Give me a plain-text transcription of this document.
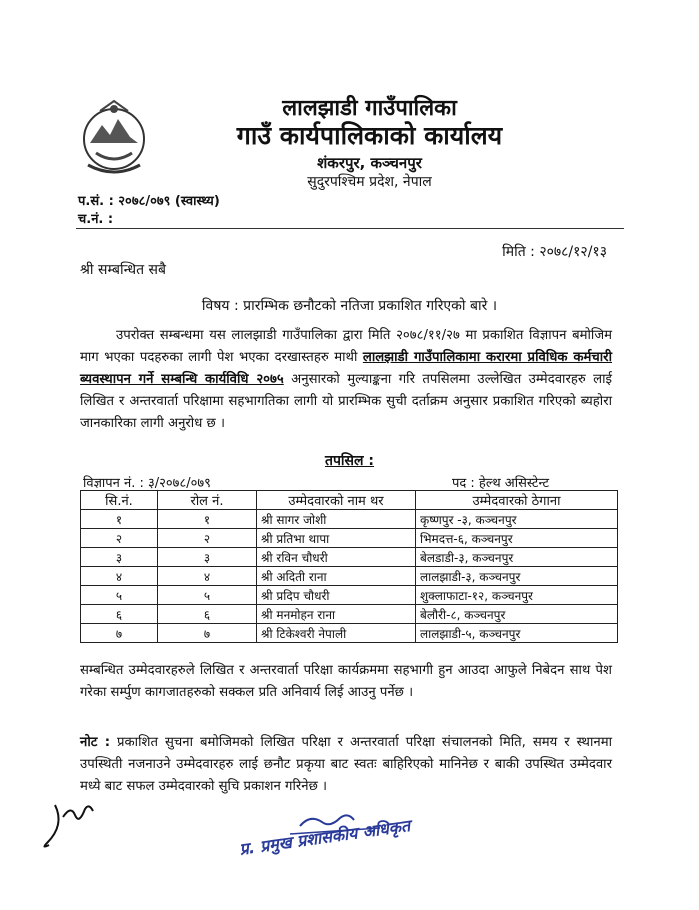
लालझाडी गाउँपालिका
गाउँ कार्यपालिकाको कार्यालय
शंकरपुर, कञ्चनपुर
सुदुरपश्चिम प्रदेश, नेपाल
प.सं. : २०७८/०७९ (स्वास्थ्य)
च.नं. :
मिति : २०७८/१२/१३
श्री सम्बन्धित सबै
विषय : प्रारम्भिक छनौटको नतिजा प्रकाशित गरिएको बारे ।
उपरोक्त सम्बन्धमा यस लालझाडी गाउँपालिका द्वारा मिति २०७८/११/२७ मा प्रकाशित विज्ञापन बमोजिम माग भएका पदहरुका लागी पेश भएका दरखास्तहरु माथी लालझाडी गाउँपालिकामा करारमा प्रविधिक कर्मचारी ब्यवस्थापन गर्ने सम्बन्धि कार्यविधि २०७५ अनुसारको मुल्याङ्कना गरि तपसिलमा उल्लेखित उम्मेदवारहरु लाई लिखित र अन्तरवार्ता परिक्षामा सहभागतिका लागी यो प्रारम्भिक सुची दर्ताक्रम अनुसार प्रकाशित गरिएको ब्यहोरा जानकारिका लागी अनुरोध छ ।
तपसिल :
विज्ञापन नं. : ३/२०७८/०७९	पद : हेल्थ असिस्टेन्ट
सि.नं.	रोल नं.	उम्मेदवारको नाम थर	उम्मेदवारको ठेगाना
१	१	श्री सागर जोशी	कृष्णपुर -३, कञ्चनपुर
२	२	श्री प्रतिभा थापा	भिमदत्त-६, कञ्चनपुर
३	३	श्री रविन चौधरी	बेलडाडी-३, कञ्चनपुर
४	४	श्री अदिती राना	लालझाडी-३, कञ्चनपुर
५	५	श्री प्रदिप चौधरी	शुक्लाफाटा-१२, कञ्चनपुर
६	६	श्री मनमोहन राना	बेलौरी-८, कञ्चनपुर
७	७	श्री टिकेश्वरी नेपाली	लालझाडी-५, कञ्चनपुर
सम्बन्धित उम्मेदवारहरुले लिखित र अन्तरवार्ता परिक्षा कार्यक्रममा सहभागी हुन आउदा आफुले निबेदन साथ पेश गरेका सर्म्पुण कागजातहरुको सक्कल प्रति अनिवार्य लिई आउनु पर्नेछ ।
नोट : प्रकाशित सुचना बमोजिमको लिखित परिक्षा र अन्तरवार्ता परिक्षा संचालनको मिति, समय र स्थानमा उपस्थिती नजनाउने उम्मेदवारहरु लाई छनौट प्रकृया बाट स्वतः बाहिरिएको मानिनेछ र बाकी उपस्थित उम्मेदवार मध्ये बाट सफल उम्मेदवारको सुचि प्रकाशन गरिनेछ ।
प्र. प्रमुख प्रशासकीय अधिकृत
